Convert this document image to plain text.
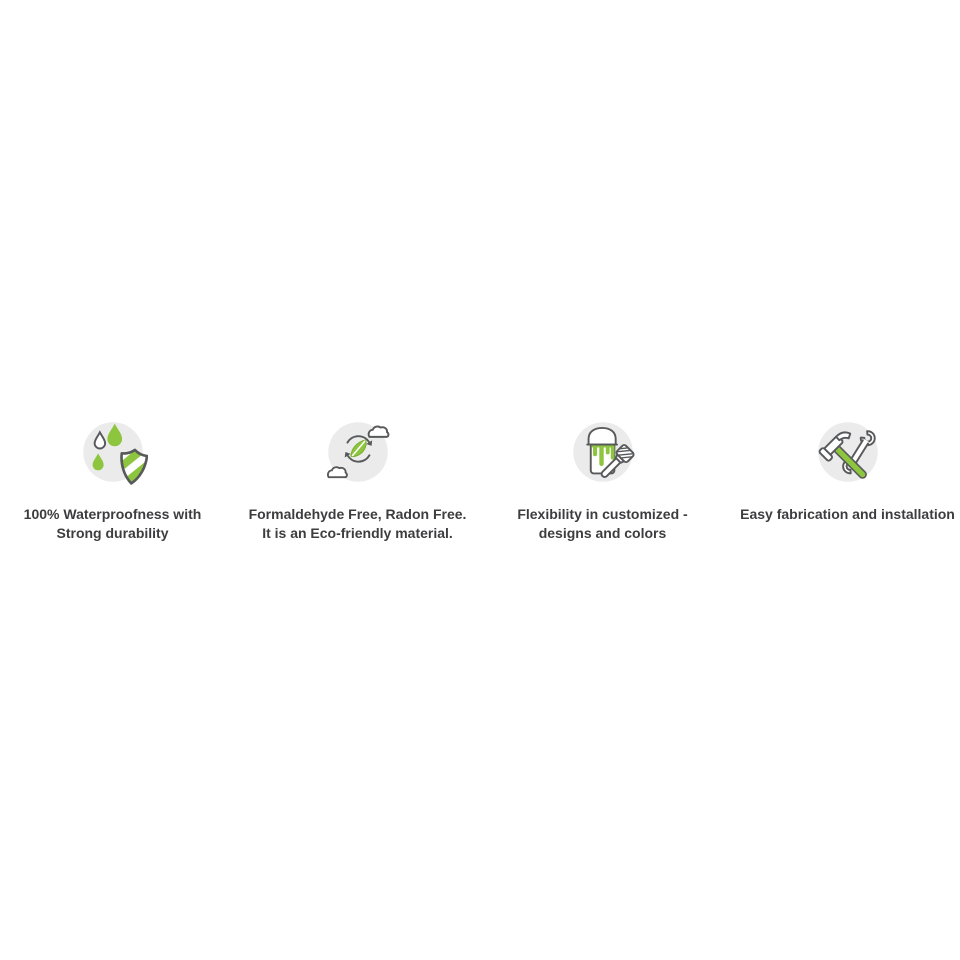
100% Waterproofness with
Strong durability

Formaldehyde Free, Radon Free.
It is an Eco-friendly material.

Flexibility in customized -
designs and colors

Easy fabrication and installation
